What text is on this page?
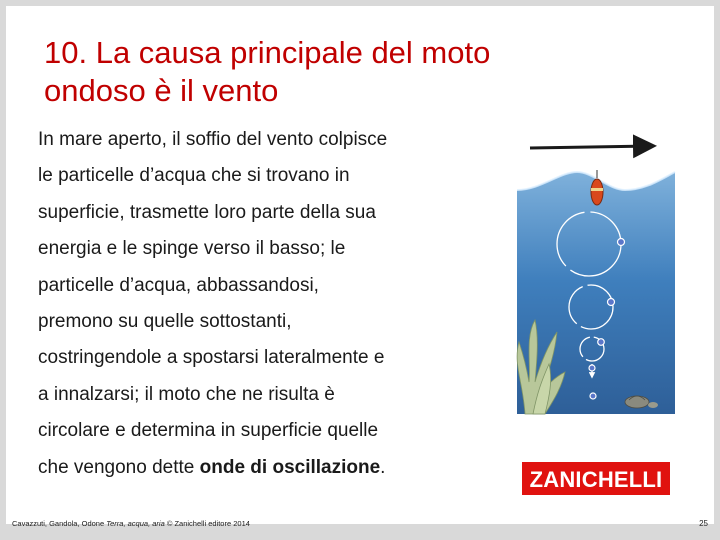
10. La causa principale del moto
ondoso è il vento
In mare aperto, il soffio del vento colpisce
le particelle d’acqua che si trovano in
superficie, trasmette loro parte della sua
energia e le spinge verso il basso; le
particelle d’acqua, abbassandosi,
premono su quelle sottostanti,
costringendole a spostarsi lateralmente e
a innalzarsi; il moto che ne risulta è
circolare e determina in superficie quelle
che vengono dette onde di oscillazione.	ZANICHELLI
Cavazzuti, Gandola, Odone Terra, acqua, aria © Zanichelli editore 2014	25
